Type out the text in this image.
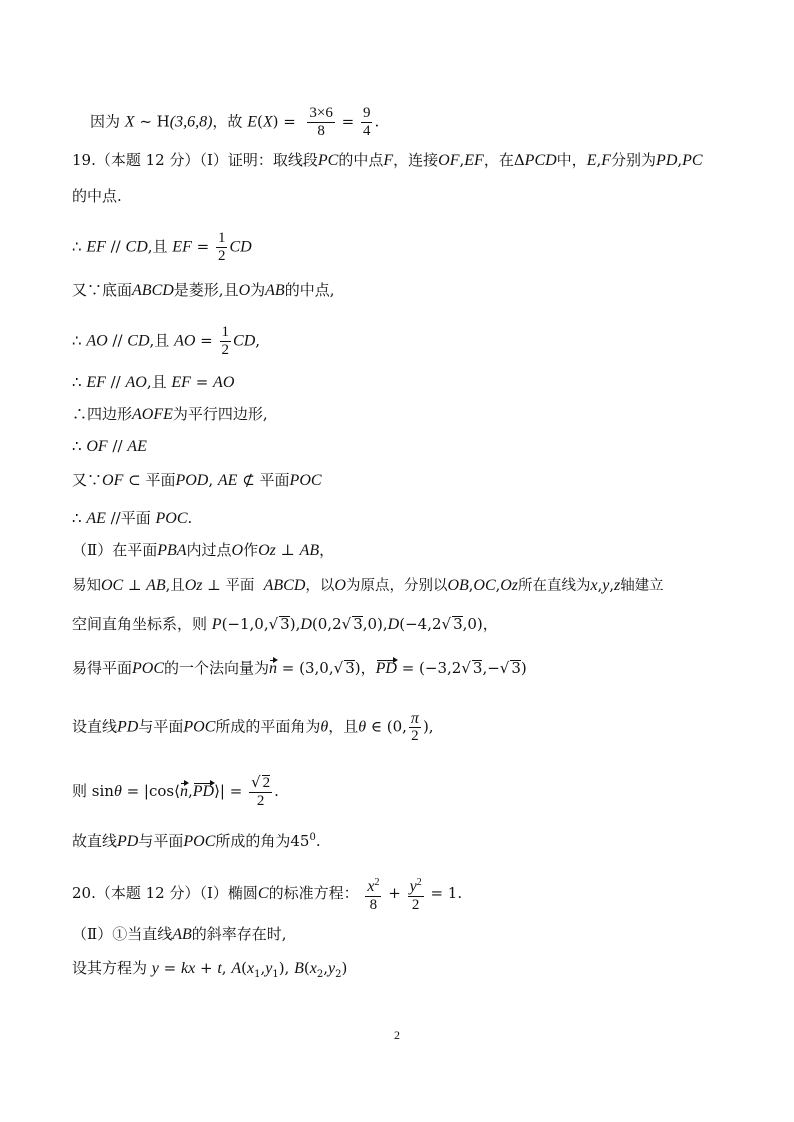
因为 X ~ H(3,6,8)，故 $E(X) = \frac{3\times 6}{8} = \frac{9}{4}$ .
19.（本题 12 分）（Ⅰ）证明：取线段PC的中点F，连接OF,EF，在ΔPCD中，E,F分别为PD,PC
的中点.
∴ EF // CD,且 EF = $\frac{1}{2}$ CD
又∵底面ABCD是菱形,且O为AB的中点,
∴ AO // CD,且 AO = $\frac{1}{2}$ CD,
∴ EF // AO,且 EF = AO
∴四边形AOFE为平行四边形,
∴ OF // AE
又∵OF ⊂ 平面POD, AE ⊄ 平面POC
∴ AE //平面 POC.
（Ⅱ）在平面PBA内过点O作Oz ⊥ AB，
易知OC ⊥ AB,且Oz ⊥ 平面  ABCD，以O为原点，分别以OB,OC,Oz所在直线为x,y,z轴建立
空间直角坐标系，则 P(−1,0,√ 3),D(0,2√ 3,0),D(−4,2√ 3,0)，
易得平面POC的一个法向量为n = (3,0,√ 3)，PD = (−3,2√ 3,−√ 3)
设直线PD与平面POC所成的平面角为θ，且θ ∈ (0, $\frac{\pi}{2}$ ),
则 sinθ = |cos⟨n,PD⟩| = $\frac{√ 2}{2}$ .
故直线PD与平面POC所成的角为$45^0$.
20.（本题 12 分）（Ⅰ）椭圆C的标准方程： $\frac{x^2}{8} + \frac{y^2}{2} = 1$.
（Ⅱ）①当直线AB的斜率存在时,
设其方程为 y = kx + t, $A(x_1,y_1)$, $B(x_2,y_2)$
2
